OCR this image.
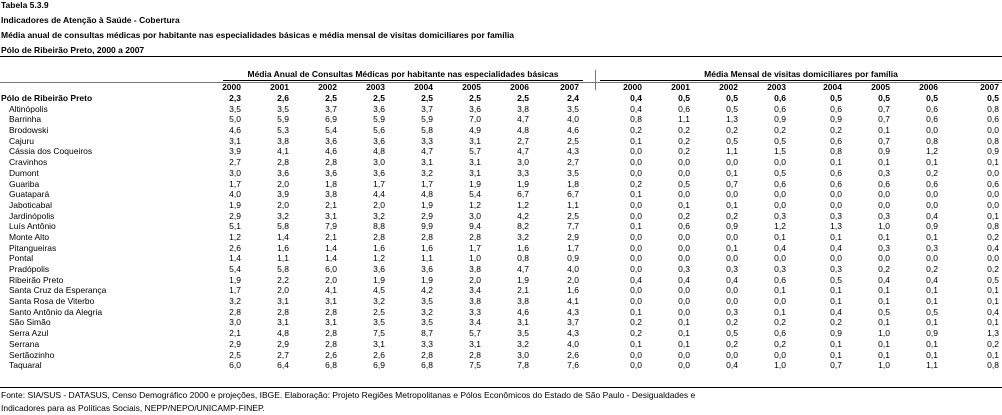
Tabela 5.3.9
Indicadores de Atenção à Saúde - Cobertura
Média anual de consultas médicas por habitante nas especialidades básicas e média mensal de visitas domiciliares por família
Pólo de Ribeirão Preto, 2000 a 2007
Média Anual de Consultas Médicas por habitante nas especialidades básicas	Média Mensal de visitas domiciliares por família
2000	2001	2002	2003	2004	2005	2006	2007	2000	2001	2002	2003	2004	2005	2006	2007
Pólo de Ribeirão Preto	2,3	2,6	2,5	2,5	2,5	2,5	2,5	2,4	0,4	0,5	0,5	0,6	0,5	0,5	0,5	0,5
Altinópolis	3,5	3,5	3,7	3,6	3,7	3,6	3,8	3,5	0,4	0,6	0,5	0,6	0,6	0,7	0,6	0,8
Barrinha	5,0	5,9	6,9	5,9	5,9	7,0	4,7	4,0	0,8	1,1	1,3	0,9	0,9	0,7	0,6	0,6
Brodowski	4,6	5,3	5,4	5,6	5,8	4,9	4,8	4,6	0,2	0,2	0,2	0,2	0,2	0,1	0,0	0,0
Cajuru	3,1	3,8	3,6	3,6	3,3	3,1	2,7	2,5	0,1	0,2	0,5	0,5	0,6	0,7	0,8	0,8
Cássia dos Coqueiros	3,9	4,1	4,6	4,8	4,7	5,7	4,7	4,3	0,0	0,2	1,1	1,5	0,8	0,9	1,2	0,9
Cravinhos	2,7	2,8	2,8	3,0	3,1	3,1	3,0	2,7	0,0	0,0	0,0	0,0	0,1	0,1	0,1	0,1
Dumont	3,0	3,6	3,6	3,6	3,2	3,1	3,3	3,5	0,0	0,0	0,1	0,5	0,6	0,3	0,2	0,0
Guariba	1,7	2,0	1,8	1,7	1,7	1,9	1,9	1,8	0,2	0,5	0,7	0,6	0,6	0,6	0,6	0,6
Guatapará	4,0	3,9	3,8	4,4	4,8	5,4	6,7	6,7	0,1	0,0	0,0	0,0	0,0	0,0	0,0	0,0
Jaboticabal	1,9	2,0	2,1	2,0	1,9	1,2	1,2	1,1	0,0	0,1	0,1	0,0	0,0	0,0	0,0	0,0
Jardinópolis	2,9	3,2	3,1	3,2	2,9	3,0	4,2	2,5	0,0	0,2	0,2	0,3	0,3	0,3	0,4	0,1
Luís Antônio	5,1	5,8	7,9	8,8	9,9	9,4	8,2	7,7	0,1	0,6	0,9	1,2	1,3	1,0	0,9	0,8
Monte Alto	1,2	1,4	2,1	2,8	2,8	2,8	3,2	2,9	0,0	0,0	0,0	0,1	0,1	0,1	0,1	0,2
Pitangueiras	2,6	1,6	1,4	1,6	1,6	1,7	1,6	1,7	0,0	0,0	0,1	0,4	0,4	0,3	0,3	0,4
Pontal	1,4	1,1	1,4	1,2	1,1	1,0	0,8	0,9	0,0	0,0	0,0	0,0	0,0	0,0	0,0	0,0
Pradópolis	5,4	5,8	6,0	3,6	3,6	3,8	4,7	4,0	0,0	0,3	0,3	0,3	0,3	0,2	0,2	0,2
Ribeirão Preto	1,9	2,2	2,0	1,9	1,9	2,0	1,9	2,0	0,4	0,4	0,4	0,6	0,5	0,4	0,4	0,5
Santa Cruz da Esperança	1,7	2,0	4,1	4,5	4,2	3,4	2,1	1,6	0,0	0,0	0,0	0,1	0,1	0,1	0,1	0,1
Santa Rosa de Viterbo	3,2	3,1	3,1	3,2	3,5	3,8	3,8	4,1	0,0	0,0	0,0	0,0	0,1	0,1	0,1	0,1
Santo Antônio da Alegria	2,8	2,8	2,8	2,5	3,2	3,3	4,6	4,3	0,1	0,0	0,3	0,1	0,4	0,5	0,5	0,4
São Simão	3,0	3,1	3,1	3,5	3,5	3,4	3,1	3,7	0,2	0,1	0,2	0,2	0,2	0,1	0,1	0,1
Serra Azul	2,1	4,8	2,8	7,5	8,7	5,7	3,5	4,3	0,2	0,1	0,5	0,6	0,9	1,0	0,9	1,3
Serrana	2,9	2,9	2,8	3,1	3,3	3,1	3,2	4,0	0,1	0,1	0,2	0,2	0,1	0,1	0,1	0,2
Sertãozinho	2,5	2,7	2,6	2,6	2,8	2,8	3,0	2,6	0,0	0,0	0,0	0,0	0,1	0,1	0,1	0,1
Taquaral	6,0	6,4	6,8	6,9	6,8	7,5	7,8	7,6	0,0	0,0	0,4	1,0	0,7	1,0	1,1	0,8
Fonte: SIA/SUS - DATASUS, Censo Demográfico 2000 e projeções, IBGE. Elaboração: Projeto Regiões Metropolitanas e Pólos Econômicos do Estado de São Paulo - Desigualdades e
Indicadores para as Políticas Sociais, NEPP/NEPO/UNICAMP-FINEP.
